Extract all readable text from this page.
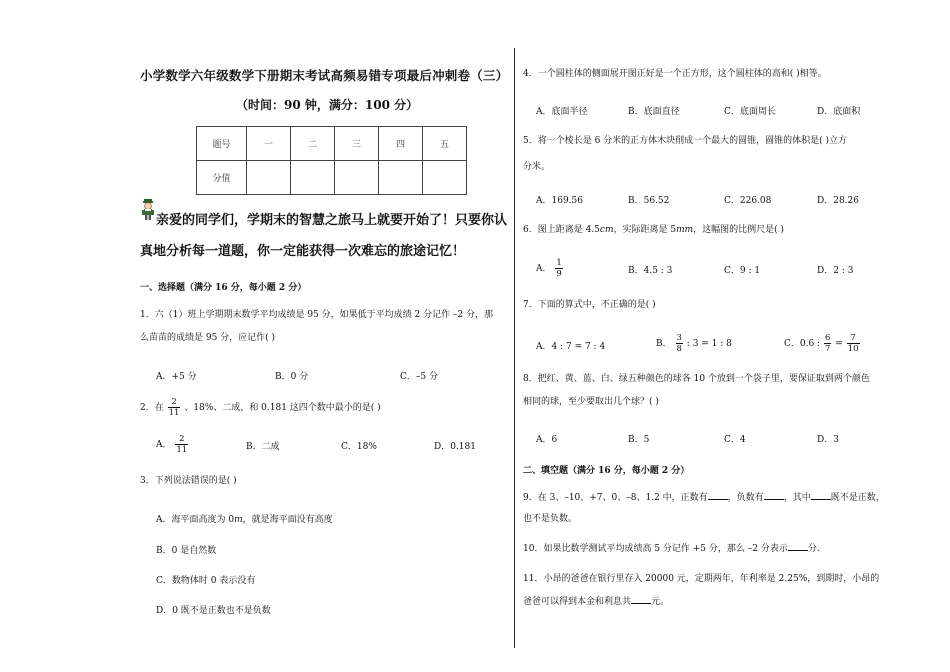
小学数学六年级数学下册期末考试高频易错专项最后冲刺卷（三）
（时间：90 钟，满分：100 分）
题号	一	二	三	四	五
分值					
亲爱的同学们，学期末的智慧之旅马上就要开始了！只要你认
真地分析每一道题，你一定能获得一次难忘的旅途记忆！
一、选择题（满分 16 分，每小题 2 分）
1．六（1）班上学期期末数学平均成绩是 95 分，如果低于平均成绩 2 分记作 –2 分，那
么苗苗的成绩是 95 分，应记作( )
A．+5 分	B．0 分	C．–5 分
2．在 $\frac{2}{11}$ 、18%、二成，和 0.181 这四个数中最小的是( )
A． $\frac{2}{11}$	B．二成	C．18%	D．0.181
3．下列说法错误的是( )
A．海平面高度为 0m，就是海平面没有高度
B．0 是自然数
C．数物体时 0 表示没有
D．0 既不是正数也不是负数
4．一个圆柱体的侧面展开图正好是一个正方形，这个圆柱体的高和( )相等。
A．底面半径	B．底面直径	C．底面周长	D．底面积
5．将一个棱长是 6 分米的正方体木块削成一个最大的圆锥，圆锥的体积是( )立方
分米。
A．169.56	B．56.52	C．226.08	D．28.26
6．图上距离是 4.5cm，实际距离是 5mm，这幅图的比例尺是( )
A． $\frac{1}{9}$	B．4.5 : 3	C．9 : 1	D．2 : 3
7．下面的算式中，不正确的是( )
A．4 : 7 = 7 : 4	B． $\frac{3}{8}$ : 3 = 1 : 8	C．0.6 : $\frac{6}{7} = \frac{7}{10}$
8．把红、黄、蓝、白、绿五种颜色的球各 10 个放到一个袋子里，要保证取到两个颜色
相同的球，至少要取出几个球？( )
A．6	B．5	C．4	D．3
二、填空题（满分 16 分，每小题 2 分）
9．在 3、–10、+7、0、–8、1.2 中，正数有 ，负数有 ，其中 既不是正数，
也不是负数。
10．如果比数学测试平均成绩高 5 分记作 +5 分，那么 –2 分表示 分.
11．小昂的爸爸在银行里存入 20000 元，定期两年，年利率是 2.25%，到期时，小昂的
爸爸可以得到本金和利息共 元。
